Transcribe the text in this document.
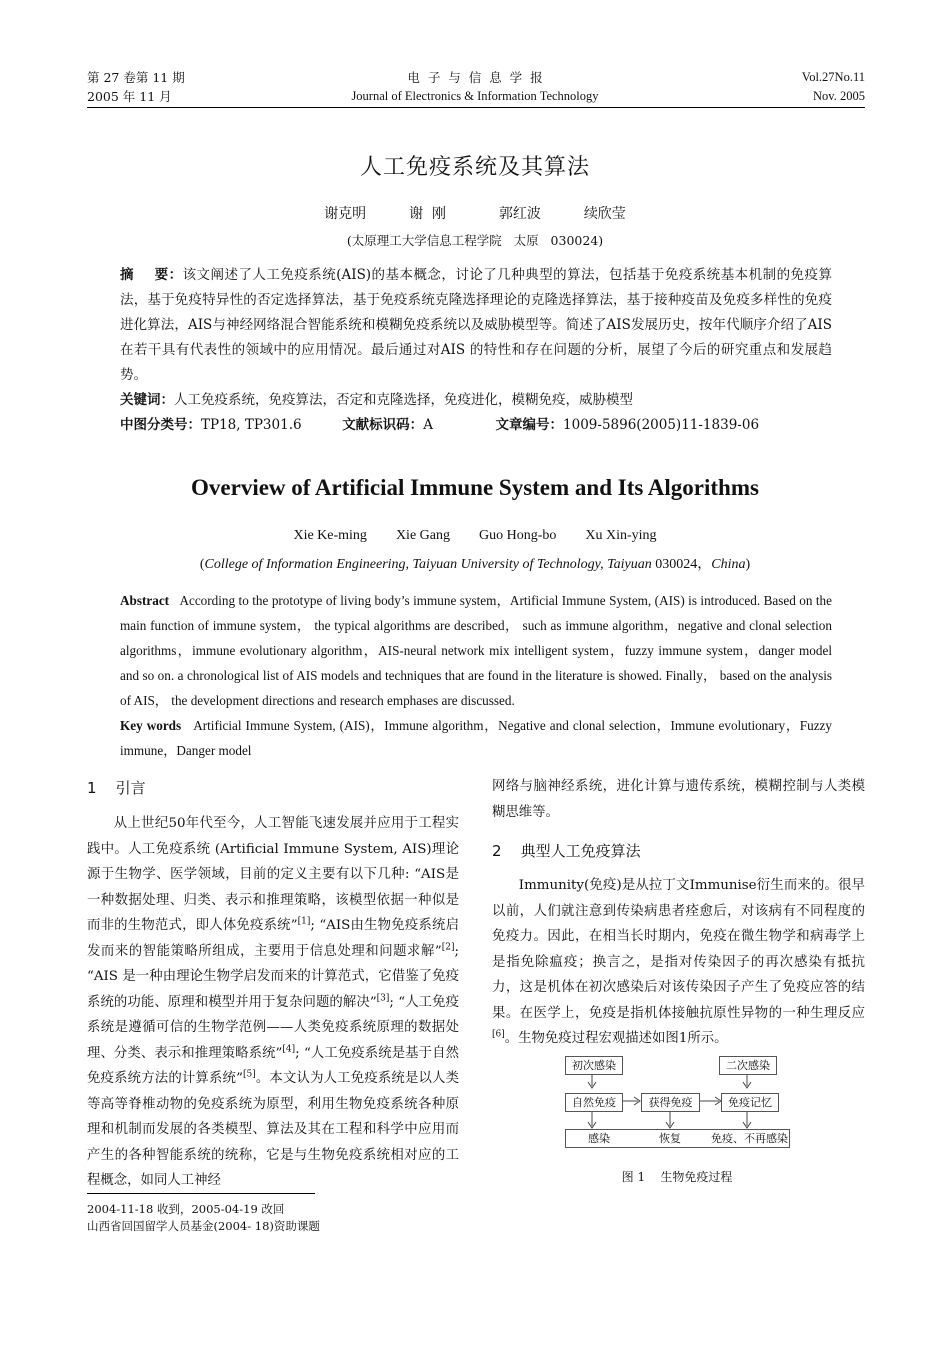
第 27 卷第 11 期
2005 年 11 月
电  子  与  信  息  学  报
Journal of Electronics & Information Technology
Vol.27No.11
Nov. 2005
人工免疫系统及其算法
谢克明	谢  刚	郭红波	续欣莹
(太原理工大学信息工程学院   太原   030024)
摘    要：该文阐述了人工免疫系统(AIS)的基本概念，讨论了几种典型的算法，包括基于免疫系统基本机制的免疫算法，基于免疫特异性的否定选择算法，基于免疫系统克隆选择理论的克隆选择算法，基于接种疫苗及免疫多样性的免疫进化算法，AIS与神经网络混合智能系统和模糊免疫系统以及威胁模型等。简述了AIS发展历史，按年代顺序介绍了AIS 在若干具有代表性的领域中的应用情况。最后通过对AIS 的特性和存在问题的分析，展望了今后的研究重点和发展趋势。
关键词：人工免疫系统，免疫算法，否定和克隆选择，免疫进化，模糊免疫，威胁模型
中图分类号：TP18, TP301.6	文献标识码：A	文章编号：1009-5896(2005)11-1839-06
Overview of Artificial Immune System and Its Algorithms
Xie Ke-ming Xie Gang Guo Hong-bo Xu Xin-ying
(College of Information Engineering, Taiyuan University of Technology, Taiyuan 030024，China)
Abstract According to the prototype of living body’s immune system，Artificial Immune System, (AIS) is introduced. Based on the main function of immune system， the typical algorithms are described， such as immune algorithm，negative and clonal selection algorithms，immune evolutionary algorithm，AIS-neural network mix intelligent system，fuzzy immune system，danger model and so on. a chronological list of AIS models and techniques that are found in the literature is showed. Finally， based on the analysis of AIS， the development directions and research emphases are discussed.
Key words Artificial Immune System, (AIS)，Immune algorithm，Negative and clonal selection，Immune evolutionary，Fuzzy immune，Danger model
1    引言

从上世纪50年代至今，人工智能飞速发展并应用于工程实践中。人工免疫系统 (Artificial Immune System, AIS)理论源于生物学、医学领域，目前的定义主要有以下几种: “AIS是一种数据处理、归类、表示和推理策略，该模型依据一种似是而非的生物范式，即人体免疫系统”[1]; “AIS由生物免疫系统启发而来的智能策略所组成，主要用于信息处理和问题求解”[2]; “AIS 是一种由理论生物学启发而来的计算范式，它借鉴了免疫系统的功能、原理和模型并用于复杂问题的解决”[3]; “人工免疫系统是遵循可信的生物学范例——人类免疫系统原理的数据处理、分类、表示和推理策略系统”[4]; “人工免疫系统是基于自然免疫系统方法的计算系统”[5]。本文认为人工免疫系统是以人类等高等脊椎动物的免疫系统为原型，利用生物免疫系统各种原理和机制而发展的各类模型、算法及其在工程和科学中应用而产生的各种智能系统的统称，它是与生物免疫系统相对应的工程概念，如同人工神经

2004-11-18 收到，2005-04-19 改回
山西省回国留学人员基金(2004- 18)资助课题
网络与脑神经系统，进化计算与遗传系统，模糊控制与人类模糊思维等。
2    典型人工免疫算法

Immunity(免疫)是从拉丁文Immunise衍生而来的。很早以前，人们就注意到传染病患者痊愈后，对该病有不同程度的免疫力。因此，在相当长时期内，免疫在微生物学和病毒学上是指免除瘟疫；换言之，是指对传染因子的再次感染有抵抗力，这是机体在初次感染后对该传染因子产生了免疫应答的结果。在医学上，免疫是指机体接触抗原性异物的一种生理反应[6]。生物免疫过程宏观描述如图1所示。

初次感染	二次感染
自然免疫	获得免疫	免疫记忆
感染	恢复	免疫、不再感染
图 1    生物免疫过程
